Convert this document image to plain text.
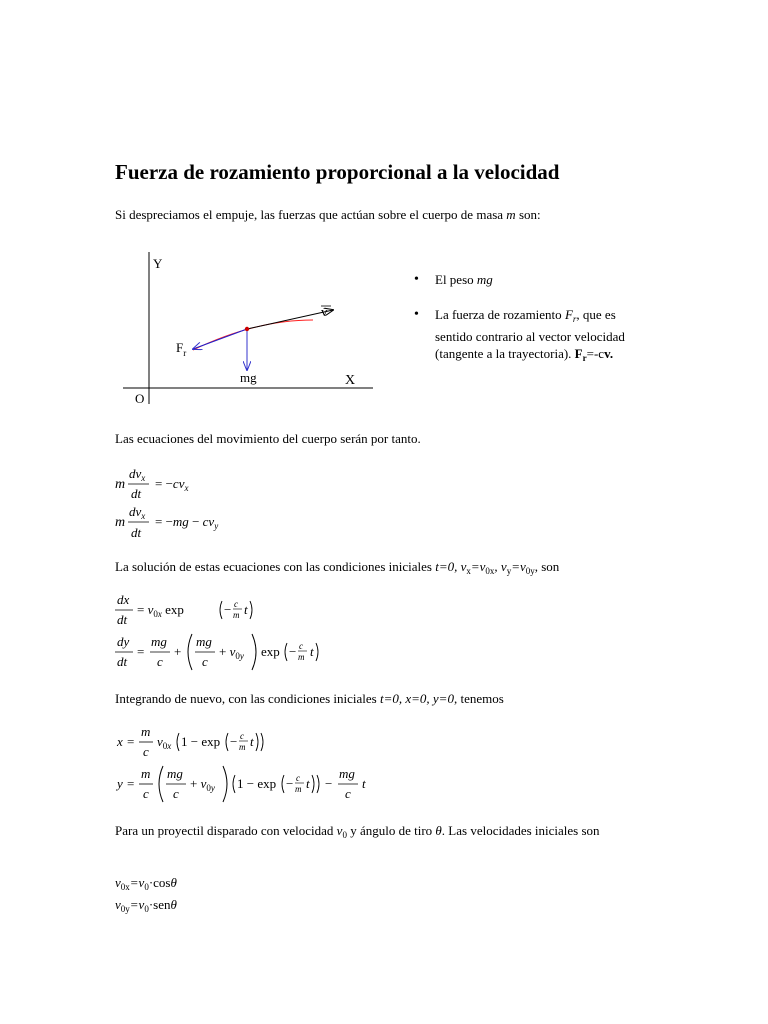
Fuerza de rozamiento proporcional a la velocidad

Si despreciamos el empuje, las fuerzas que actúan sobre el cuerpo de masa m son:

Y
X
O
v
$F_r$
mg
• El peso mg
• La fuerza de rozamiento $F_r$, que es sentido contrario al vector velocidad (tangente a la trayectoria). $F_r=-cv$.

Las ecuaciones del movimiento del cuerpo serán por tanto.

m
$dv_x$
dt
= $-cv_x$
m
$dv_x$
dt
= $-mg - cv_y$

La solución de estas ecuaciones con las condiciones iniciales t=0, $v_x=v_{0x}$, $v_y=v_{0y}$, son

dx
dt
= $v_{0x}$ exp	− c
m t
dy
dt
=
mg
c
+
mg
c
+ $v_{0y}$ exp − c
m t

Integrando de nuevo, con las condiciones iniciales t=0, x=0, y=0, tenemos

x =
m
c
$v_{0x}$ 1 − exp − c
m t
y =
m
c
mg
c
+ $v_{0y}$ 1 − exp − c
m t −
mg
c
t

Para un proyectil disparado con velocidad $v_0$ y ángulo de tiro θ. Las velocidades iniciales son

$v_{0x}=v_0\cdot\cos\theta$
$v_{0y}=v_0\cdot sen\theta$
